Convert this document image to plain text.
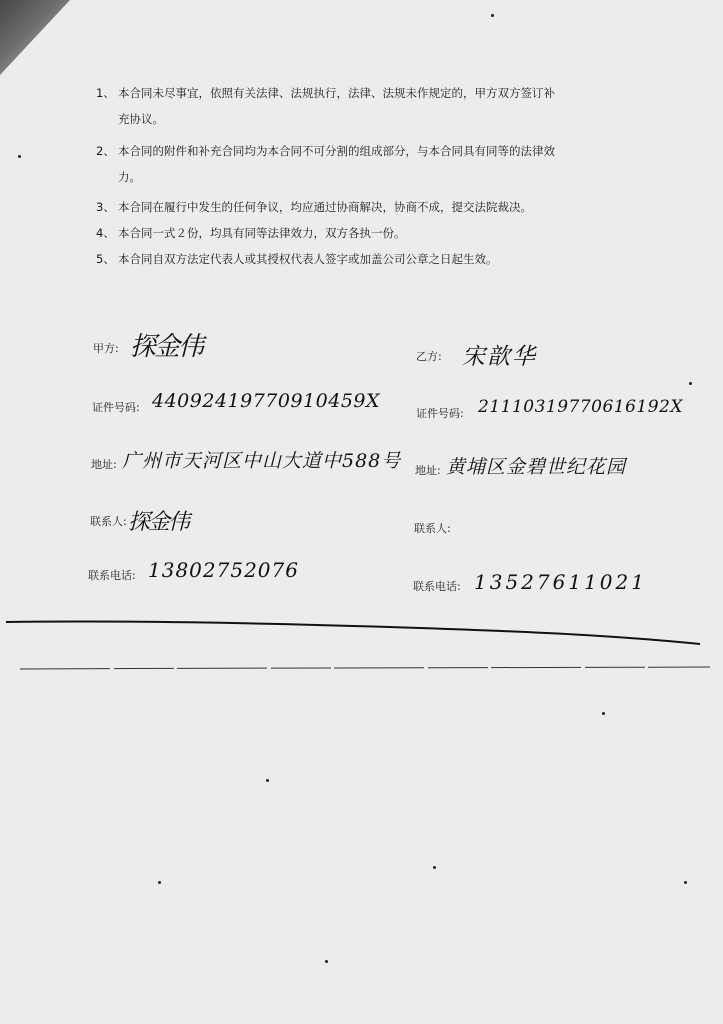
1、 本合同未尽事宜，依照有关法律、法规执行，法律、法规未作规定的，甲方双方签订补
充协议。
2、 本合同的附件和补充合同均为本合同不可分割的组成部分，与本合同具有同等的法律效
力。
3、 本合同在履行中发生的任何争议，均应通过协商解决，协商不成，提交法院裁决。
4、 本合同一式２份，均具有同等法律效力，双方各执一份。
5、 本合同自双方法定代表人或其授权代表人签字或加盖公司公章之日起生效。
甲方: 探金伟
证件号码: 44092419770910459X
地址: 广州市天河区中山大道中588号
联系人: 探金伟
联系电话: 13802752076
乙方: 宋歆华
证件号码: 21110319770616192X
地址: 黄埔区金碧世纪花园
联系人:
联系电话: 13527611021
